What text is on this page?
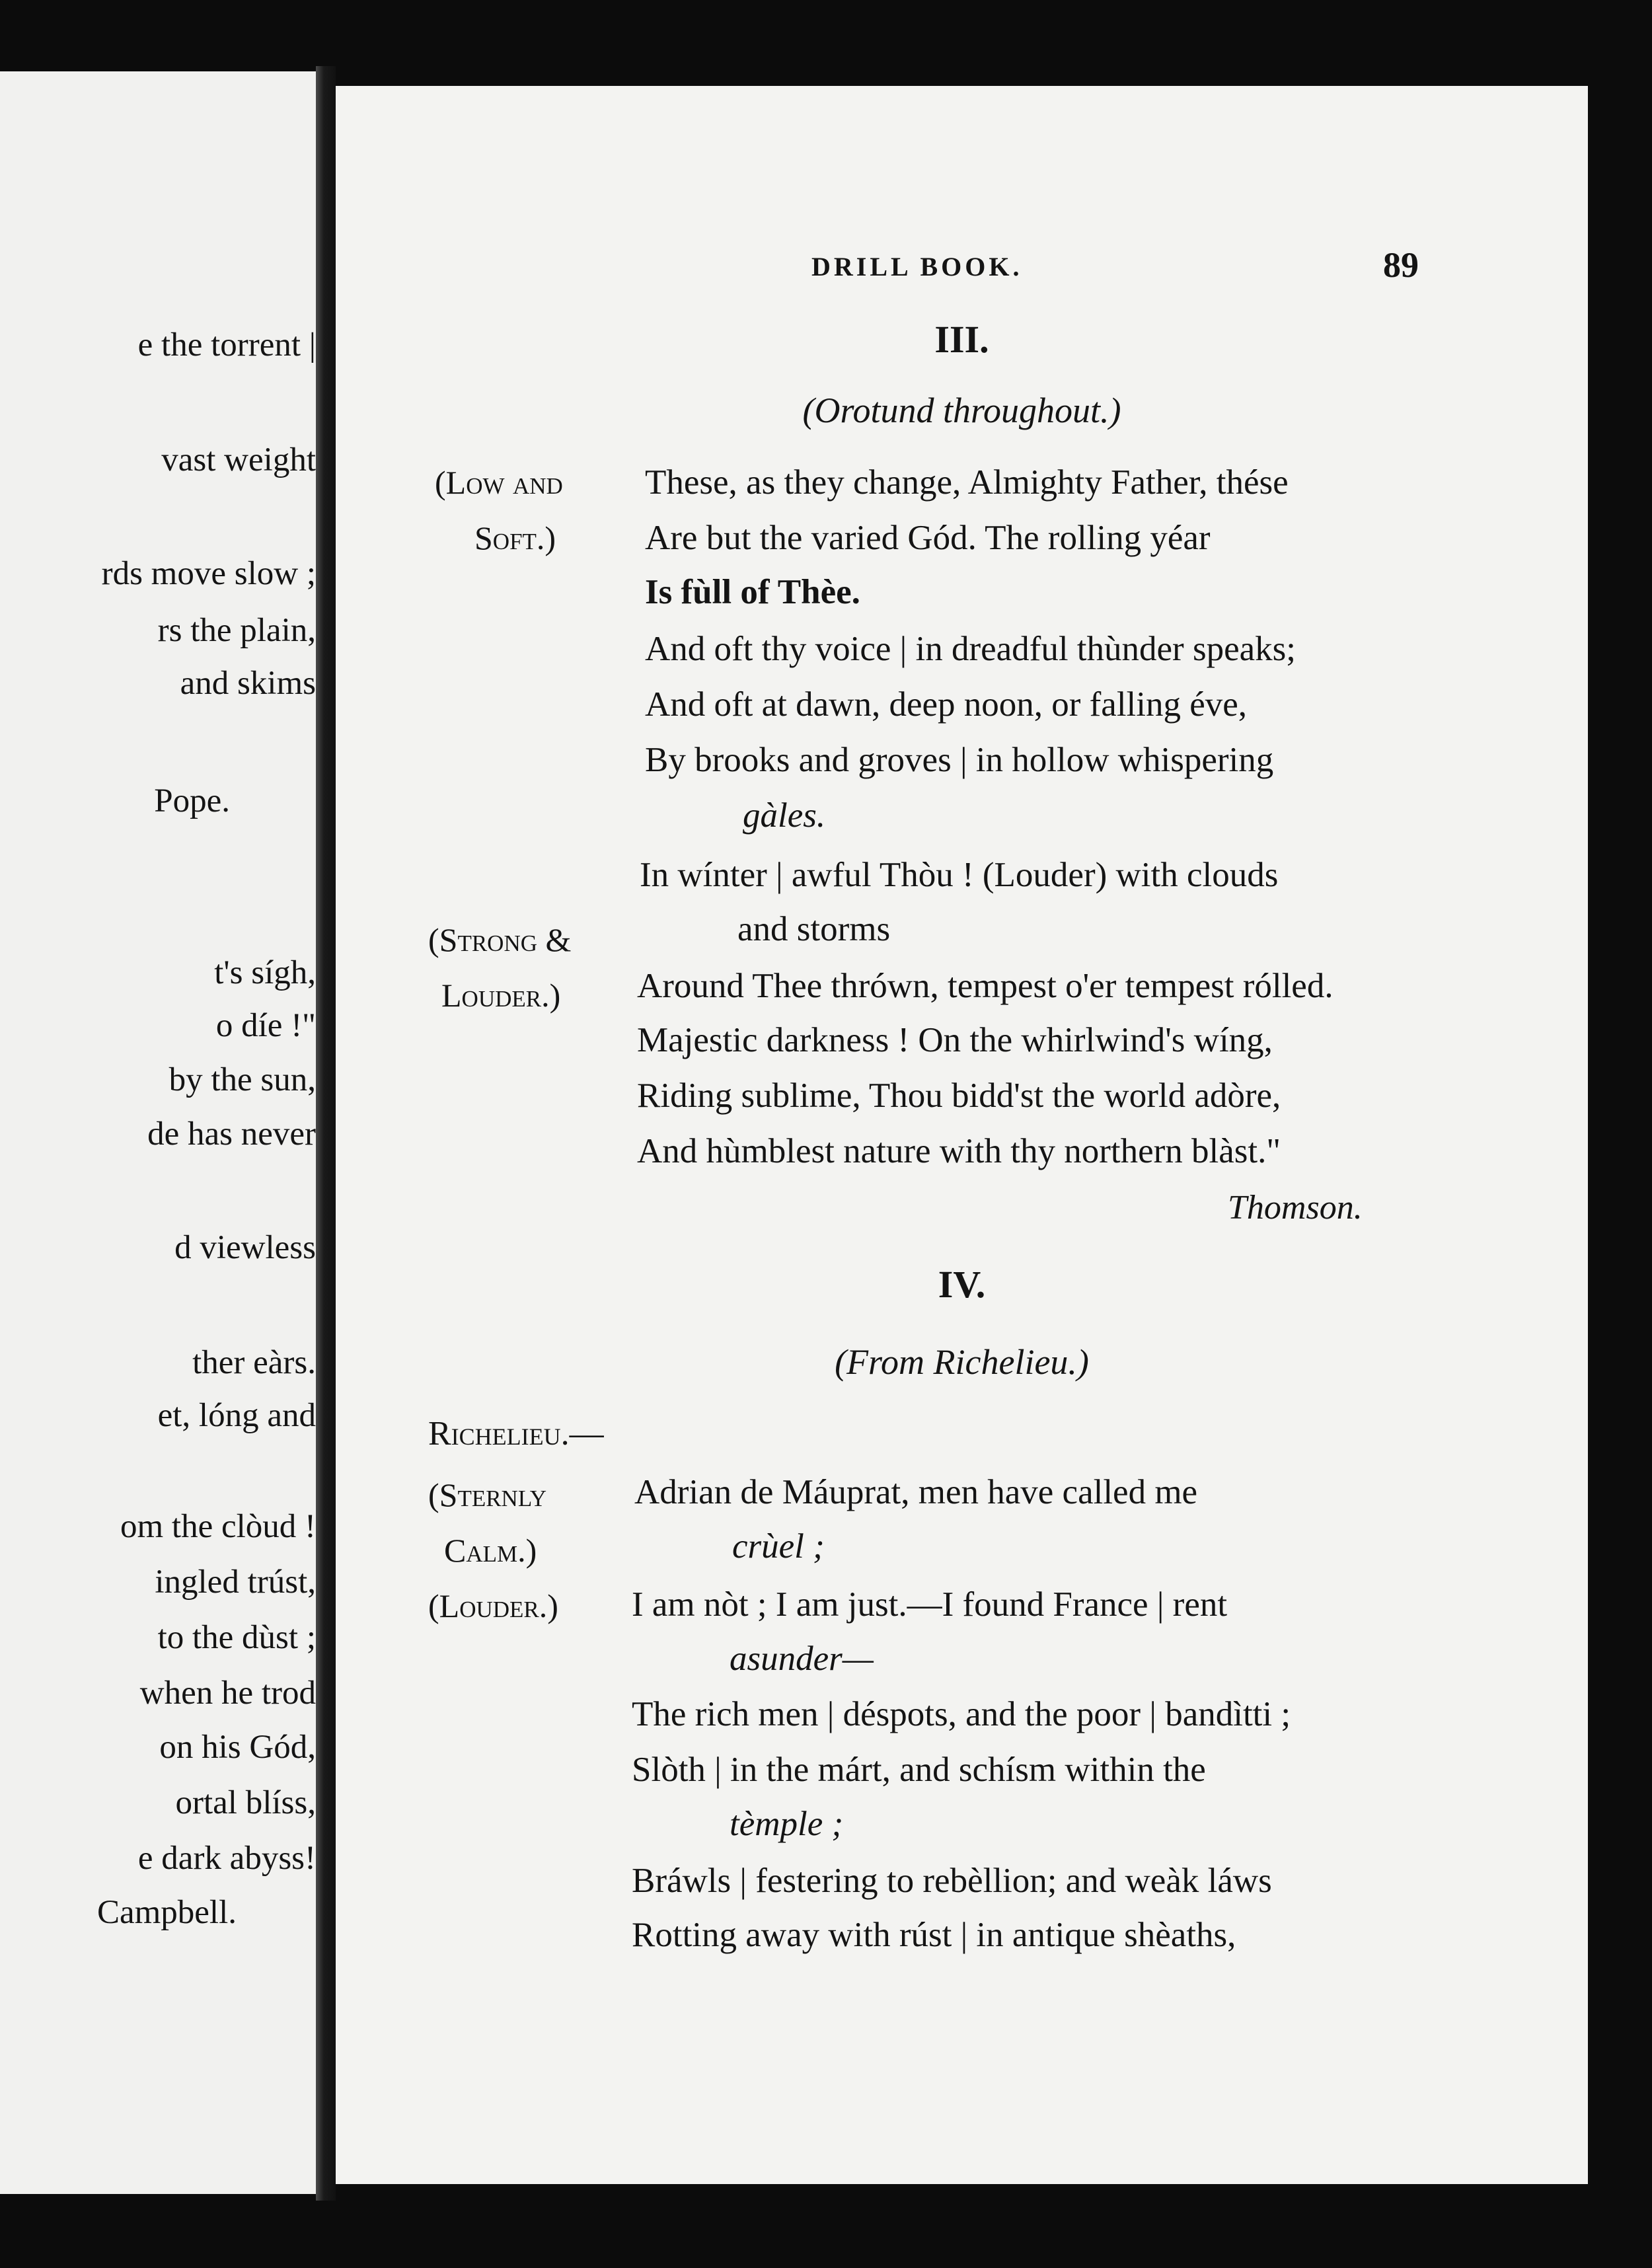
e the torrent |
vast weight
rds move slow ;
rs the plain,
and skims
Pope.
t's sígh,
o díe !"
by the sun,
de has never
d viewless
ther eàrs.
et, lóng and
om the clòud !
ingled trúst,
to the dùst ;
when he trod
on his Gód,
ortal blíss,
e dark abyss!
Campbell.
DRILL BOOK.	89
III.
(Orotund throughout.)
(Low and
Soft.)
(Strong &
Louder.)
These, as they change, Almighty Father, thése
Are but the varied Gód. The rolling yéar
Is fùll of Thèe.
And oft thy voice | in dreadful thùnder speaks;
And oft at dawn, deep noon, or falling éve,
By brooks and groves | in hollow whispering
gàles.
In wínter | awful Thòu ! (Louder) with clouds
and storms
Around Thee thrówn, tempest o'er tempest rólled.
Majestic darkness ! On the whirlwind's wíng,
Riding sublime, Thou bidd'st the world adòre,
And hùmblest nature with thy northern blàst."
Thomson.
IV.
(From Richelieu.)
Richelieu.—
(Sternly
Calm.)
(Louder.)
Adrian de Máuprat, men have called me
crùel ;
I am nòt ; I am just.—I found France | rent
asunder—
The rich men | déspots, and the poor | bandìtti ;
Slòth | in the márt, and schísm within the
tèmple ;
Bráwls | festering to rebèllion; and weàk láws
Rotting away with rúst | in antique shèaths,
